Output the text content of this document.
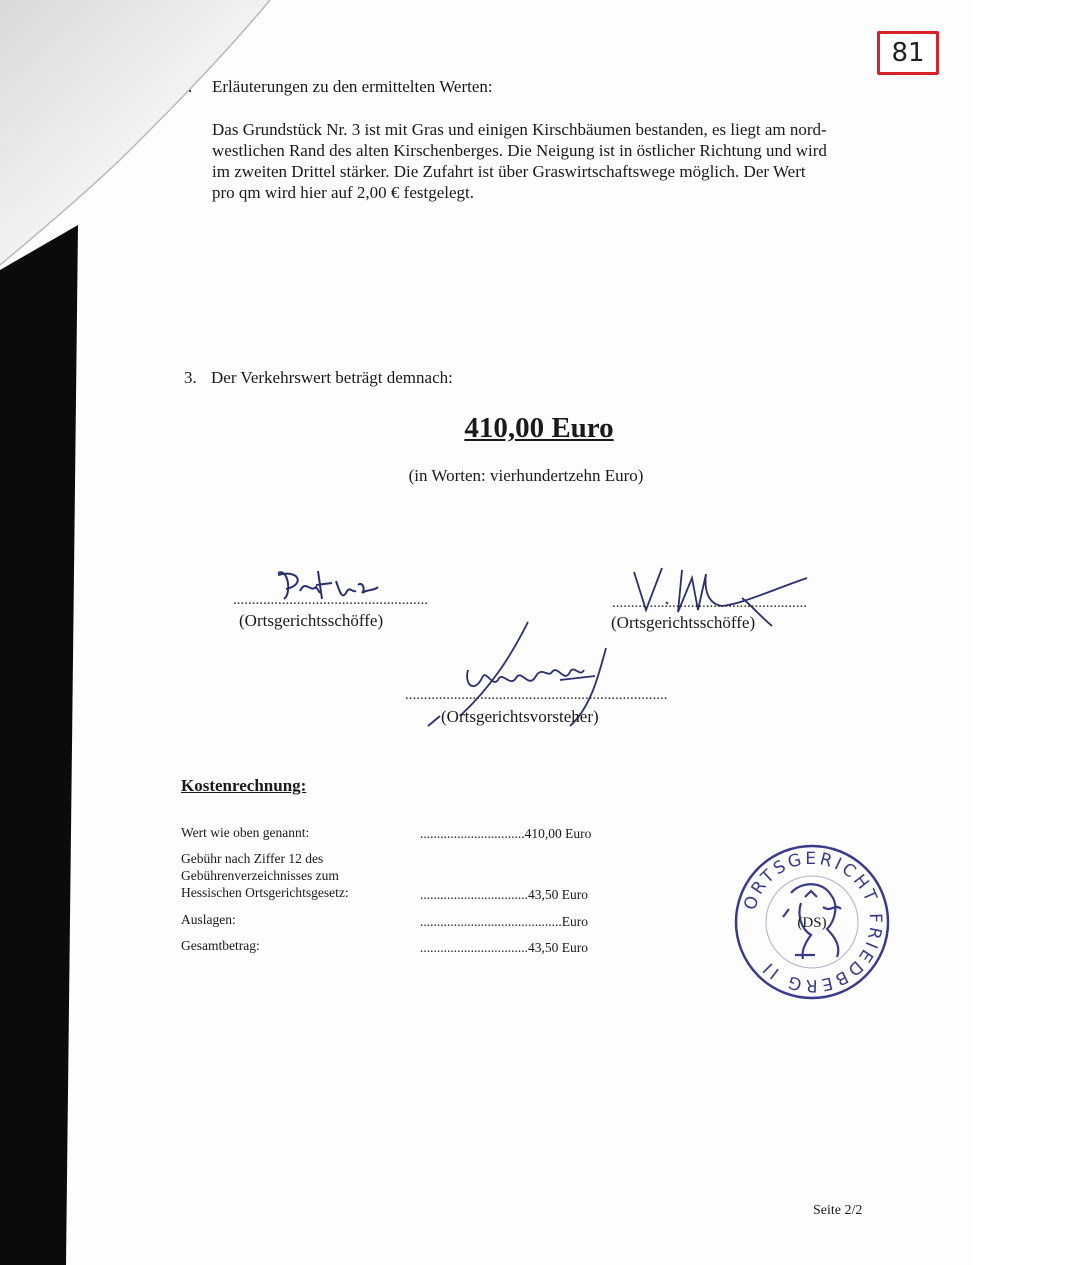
81
. Erläuterungen zu den ermittelten Werten:
Das Grundstück Nr. 3 ist mit Gras und einigen Kirschbäumen bestanden, es liegt am nord-
westlichen Rand des alten Kirschenberges. Die Neigung ist in östlicher Richtung und wird
im zweiten Drittel stärker. Die Zufahrt ist über Graswirtschaftswege möglich. Der Wert
pro qm wird hier auf 2,00 € festgelegt.
3. Der Verkehrswert beträgt demnach:
410,00 Euro
(in Worten: vierhundertzehn Euro)
....................................................
(Ortsgerichtsschöffe)
....................................................
(Ortsgerichtsschöffe)
......................................................................
(Ortsgerichtsvorsteher)
Kostenrechnung:
Wert wie oben genannt:	...............................410,00 Euro
Gebühr nach Ziffer 12 des
Gebührenverzeichnisses zum
Hessischen Ortsgerichtsgesetz:	................................43,50 Euro
Auslagen:	..........................................Euro
Gesamtbetrag:	................................43,50 Euro
ORTSGERICHT FRIEDBERG II
(DS)
Seite 2/2
